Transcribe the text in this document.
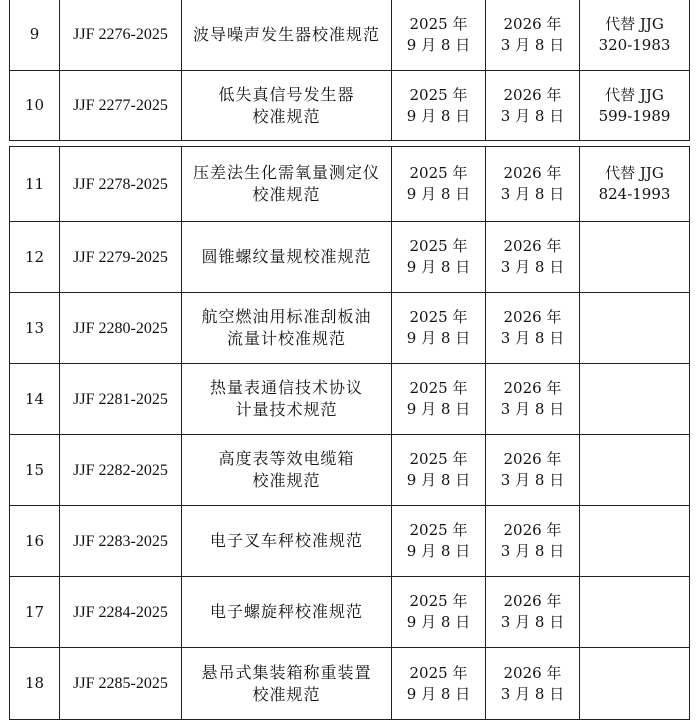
9	JJF 2276-2025	波导噪声发生器校准规范	2025 年
9 月 8 日	2026 年
3 月 8 日	代替 JJG
320-1983

10	JJF 2277-2025	低失真信号发生器
校准规范	2025 年
9 月 8 日	2026 年
3 月 8 日	代替 JJG
599-1989
11	JJF 2278-2025	压差法生化需氧量测定仪
校准规范	2025 年
9 月 8 日	2026 年
3 月 8 日	代替 JJG
824-1993

12	JJF 2279-2025	圆锥螺纹量规校准规范	2025 年
9 月 8 日	2026 年
3 月 8 日	

13	JJF 2280-2025	航空燃油用标准刮板油
流量计校准规范	2025 年
9 月 8 日	2026 年
3 月 8 日	

14	JJF 2281-2025	热量表通信技术协议
计量技术规范	2025 年
9 月 8 日	2026 年
3 月 8 日	

15	JJF 2282-2025	高度表等效电缆箱
校准规范	2025 年
9 月 8 日	2026 年
3 月 8 日	

16	JJF 2283-2025	电子叉车秤校准规范	2025 年
9 月 8 日	2026 年
3 月 8 日	

17	JJF 2284-2025	电子螺旋秤校准规范	2025 年
9 月 8 日	2026 年
3 月 8 日	

18	JJF 2285-2025	悬吊式集装箱称重装置
校准规范	2025 年
9 月 8 日	2026 年
3 月 8 日	
